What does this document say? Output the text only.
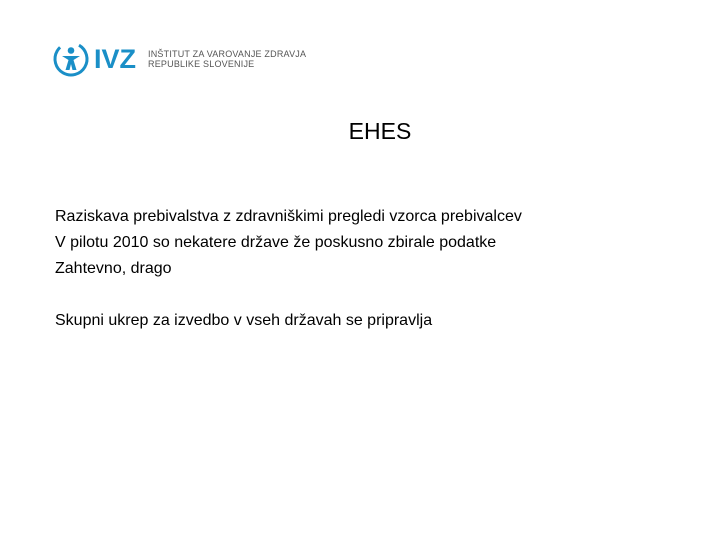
IVZ INŠTITUT ZA VAROVANJE ZDRAVJA
REPUBLIKE SLOVENIJE
EHES

Raziskava prebivalstva z zdravniškimi pregledi vzorca prebivalcev

V pilotu 2010 so nekatere države že poskusno zbirale podatke

Zahtevno, drago

Skupni ukrep za izvedbo v vseh državah se pripravlja
